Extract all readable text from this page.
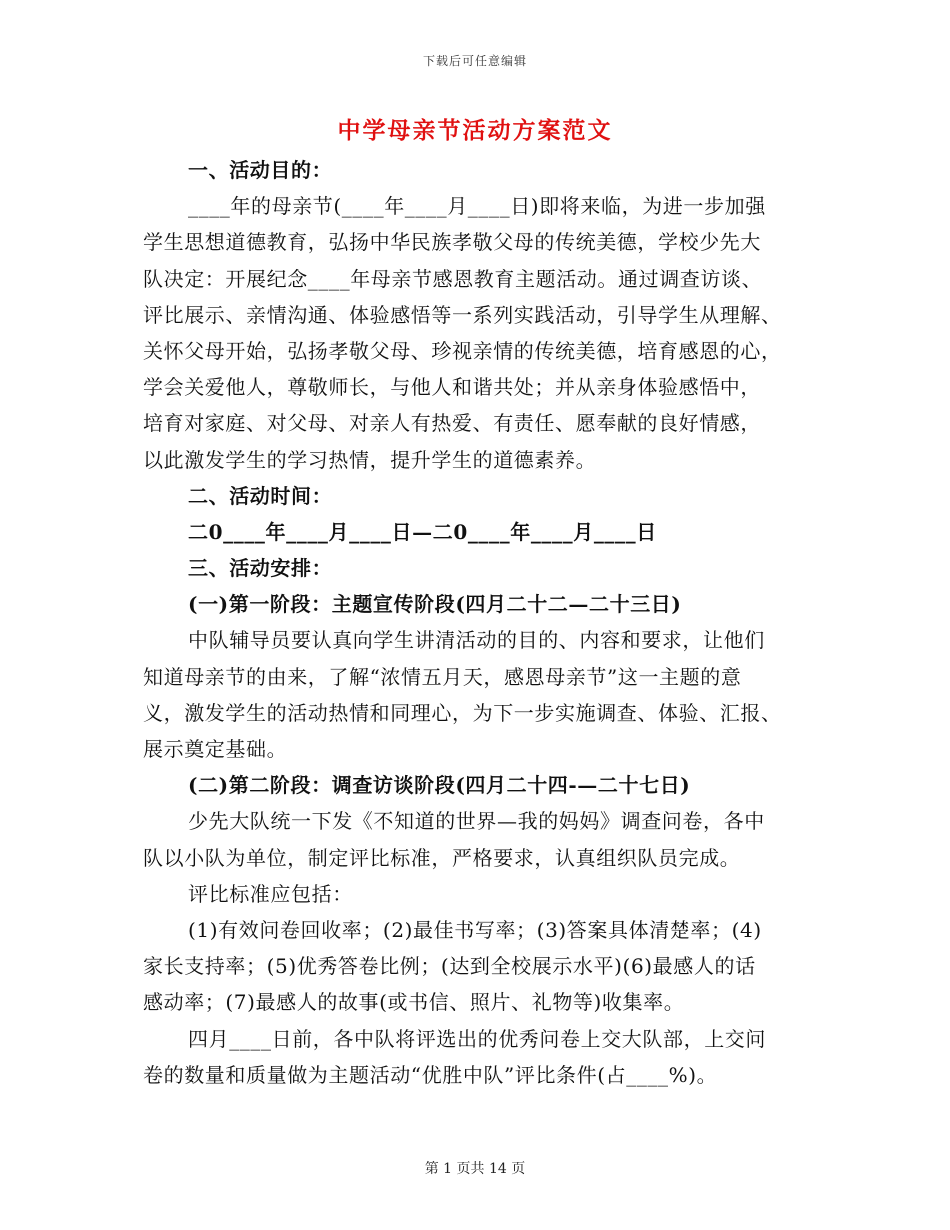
下载后可任意编辑
中学母亲节活动方案范文
一、活动目的：
____年的母亲节(____年____月____日)即将来临，为进一步加强
学生思想道德教育，弘扬中华民族孝敬父母的传统美德，学校少先大
队决定：开展纪念____年母亲节感恩教育主题活动。通过调查访谈、
评比展示、亲情沟通、体验感悟等一系列实践活动，引导学生从理解、
关怀父母开始，弘扬孝敬父母、珍视亲情的传统美德，培育感恩的心，
学会关爱他人，尊敬师长，与他人和谐共处；并从亲身体验感悟中，
培育对家庭、对父母、对亲人有热爱、有责任、愿奉献的良好情感，
以此激发学生的学习热情，提升学生的道德素养。
二、活动时间：
二0____年____月____日—二0____年____月____日
三、活动安排：
(一)第一阶段：主题宣传阶段(四月二十二—二十三日)
中队辅导员要认真向学生讲清活动的目的、内容和要求，让他们
知道母亲节的由来，了解“浓情五月天，感恩母亲节”这一主题的意
义，激发学生的活动热情和同理心，为下一步实施调查、体验、汇报、
展示奠定基础。
(二)第二阶段：调查访谈阶段(四月二十四-—二十七日)
少先大队统一下发《不知道的世界—我的妈妈》调查问卷，各中
队以小队为单位，制定评比标准，严格要求，认真组织队员完成。
评比标准应包括：
(1)有效问卷回收率；(2)最佳书写率；(3)答案具体清楚率；(4)
家长支持率；(5)优秀答卷比例；(达到全校展示水平)(6)最感人的话
感动率；(7)最感人的故事(或书信、照片、礼物等)收集率。
四月____日前，各中队将评选出的优秀问卷上交大队部，上交问
卷的数量和质量做为主题活动“优胜中队”评比条件(占____%)。
第 1 页共 14 页
